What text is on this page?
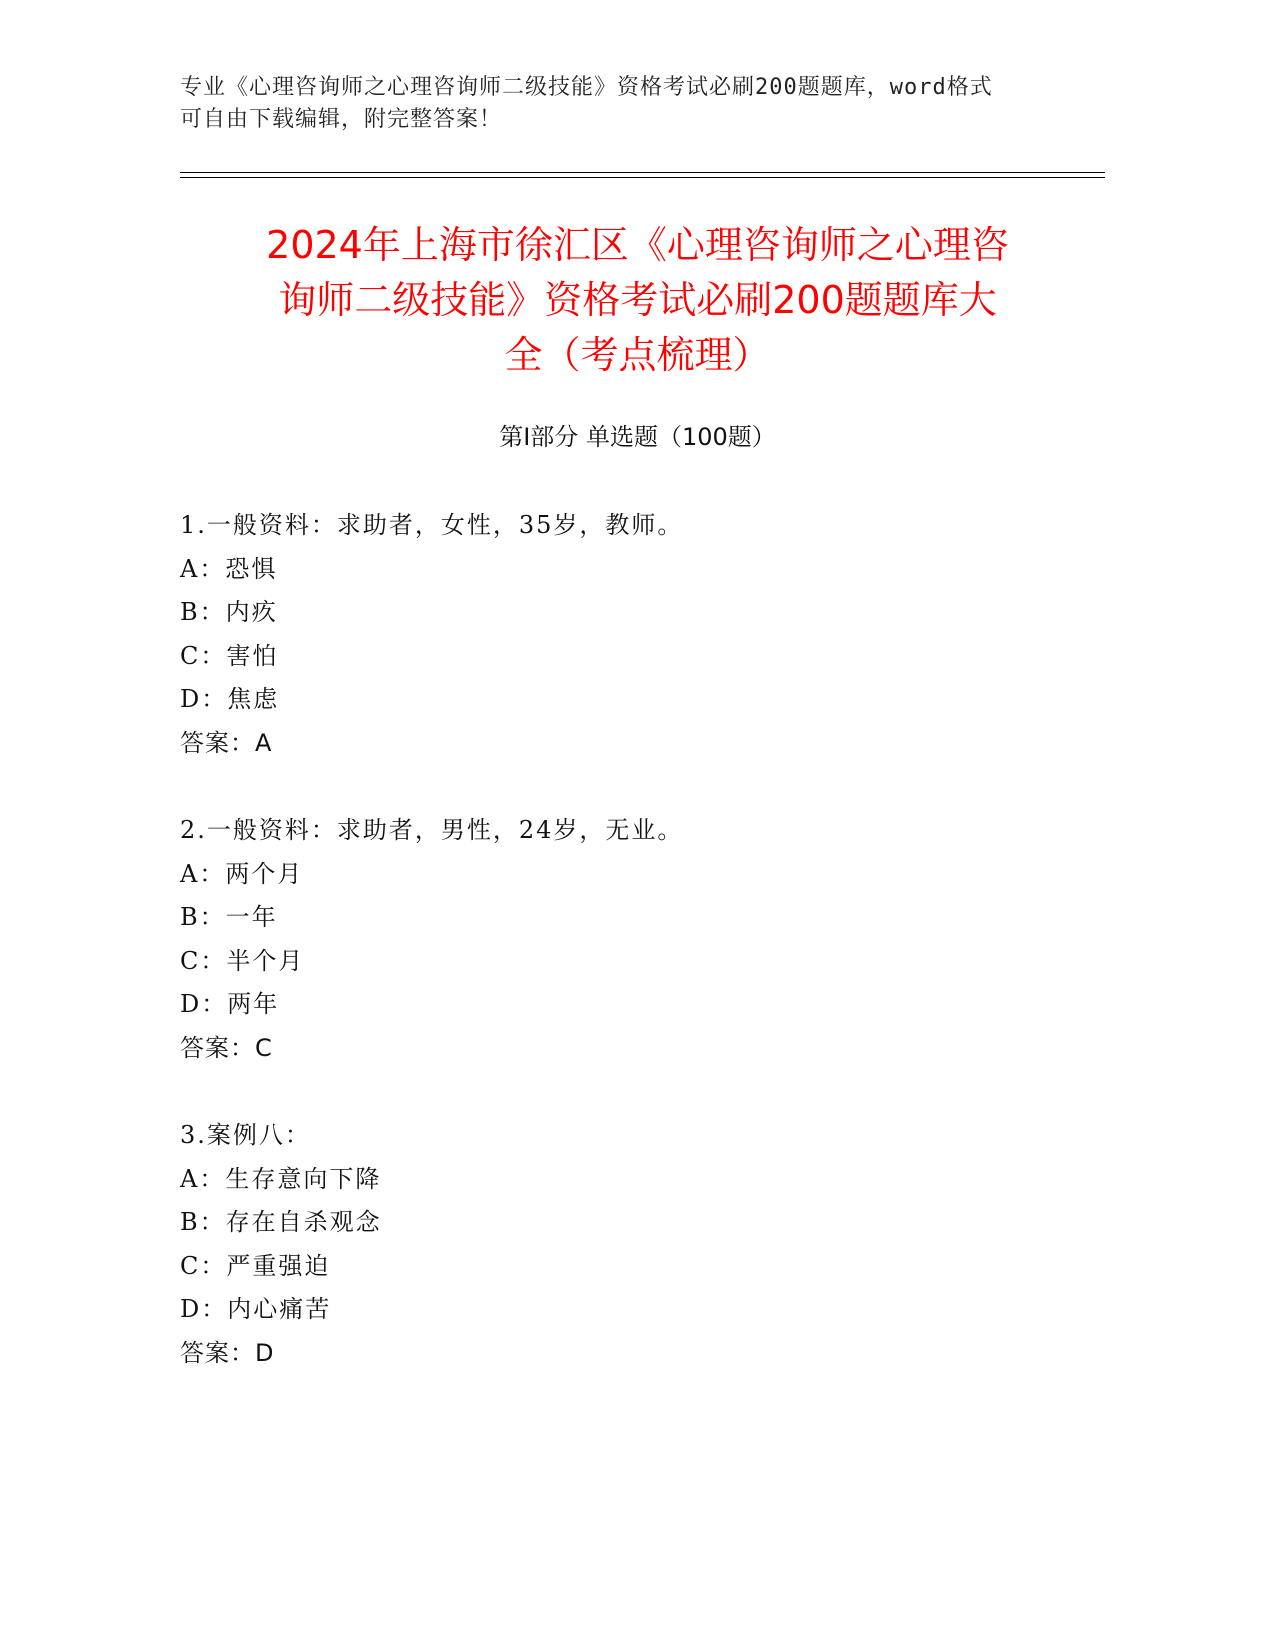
专业《心理咨询师之心理咨询师二级技能》资格考试必刷200题题库，word格式
可自由下载编辑，附完整答案！
2024年上海市徐汇区《心理咨询师之心理咨
询师二级技能》资格考试必刷200题题库大
全（考点梳理）
第Ⅰ部分 单选题（100题）
1.一般资料：求助者，女性，35岁，教师。
A：恐惧
B：内疚
C：害怕
D：焦虑
答案：A
2.一般资料：求助者，男性，24岁，无业。
A：两个月
B：一年
C：半个月
D：两年
答案：C
3.案例八：
A：生存意向下降
B：存在自杀观念
C：严重强迫
D：内心痛苦
答案：D
